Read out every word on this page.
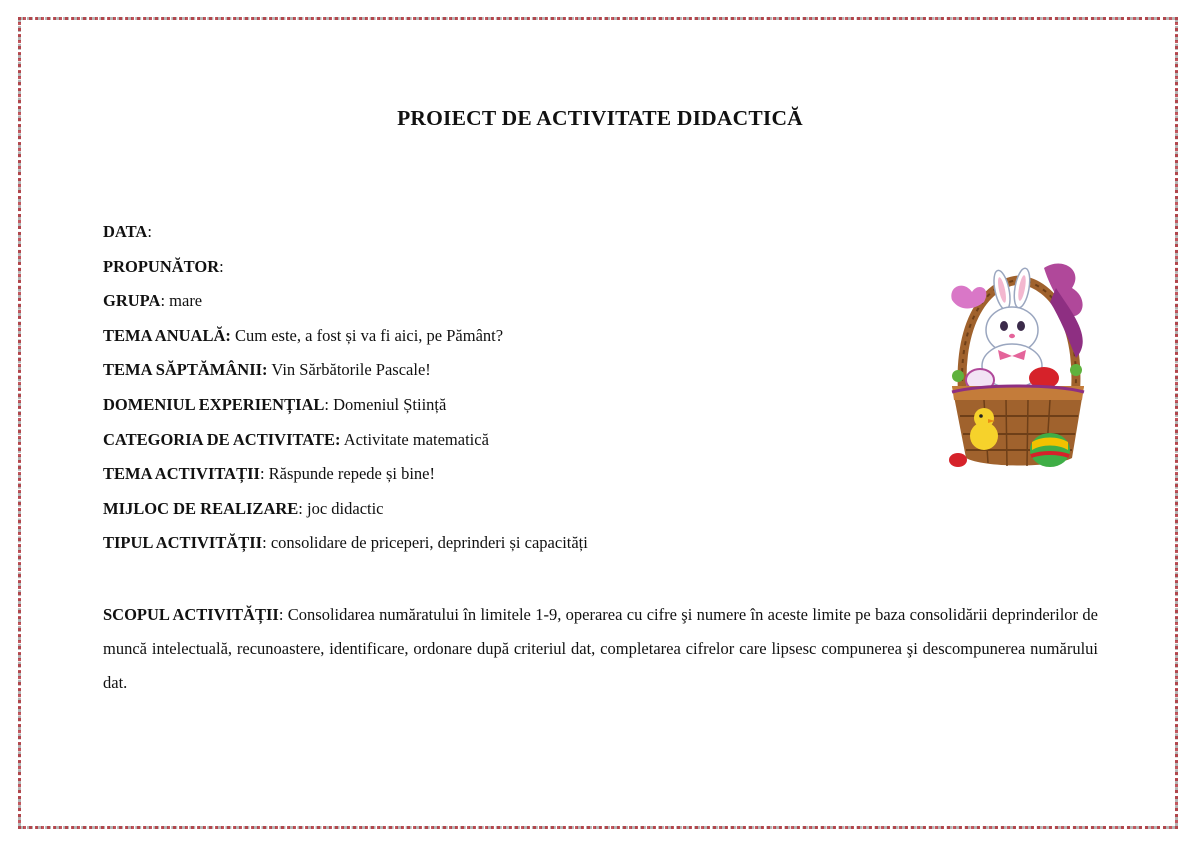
PROIECT DE ACTIVITATE DIDACTICĂ
DATA:
PROPUNĂTOR:
GRUPA: mare
TEMA ANUALĂ: Cum este, a fost și va fi aici, pe Pământ?
TEMA SĂPTĂMÂNII: Vin Sărbătorile Pascale!
DOMENIUL EXPERIENȚIAL: Domeniul Știință
CATEGORIA DE ACTIVITATE: Activitate matematică
TEMA ACTIVITAȚII: Răspunde repede și bine!
MIJLOC DE REALIZARE: joc didactic
TIPUL ACTIVITĂȚII: consolidare de priceperi, deprinderi și capacități
SCOPUL ACTIVITĂȚII: Consolidarea număratului în limitele 1-9, operarea cu cifre şi numere în aceste limite pe baza consolidării deprinderilor de muncă intelectuală, recunoastere, identificare, ordonare după criteriul dat, completarea cifrelor care lipsesc compunerea şi descompunerea numărului dat.
